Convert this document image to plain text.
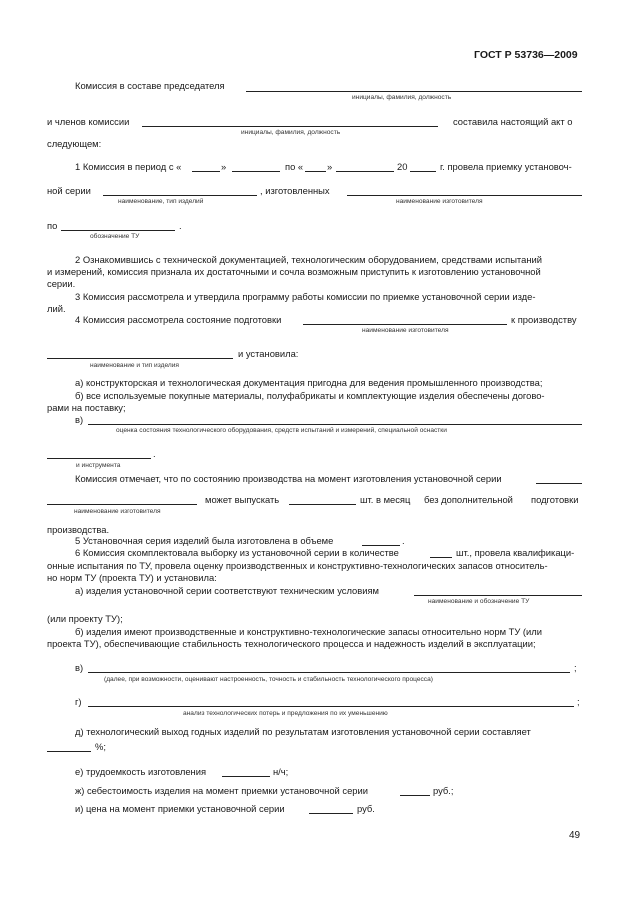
ГОСТ Р 53736—2009
Комиссия в составе председателя
инициалы, фамилия, должность
и членов комиссии	составила настоящий акт о
инициалы, фамилия, должность
следующем:
1 Комиссия в период с «	»	по «	»	20	г. провела приемку установоч-
ной серии	, изготовленных
наименование, тип изделий	наименование изготовителя
по	.
обозначение ТУ
2 Ознакомившись с технической документацией, технологическим оборудованием, средствами испытаний
и измерений, комиссия признала их достаточными и сочла возможным приступить к изготовлению установочной
серии.
3 Комиссия рассмотрела и утвердила программу работы комиссии по приемке установочной серии изде-
лий.
4 Комиссия рассмотрела состояние подготовки	к производству
наименование изготовителя
и установила:
наименование и тип изделия
а) конструкторская и технологическая документация пригодна для ведения промышленного производства;
б) все используемые покупные материалы, полуфабрикаты и комплектующие изделия обеспечены догово-
рами на поставку;
в)
оценка состояния технологического оборудования, средств испытаний и измерений, специальной оснастки
.
и инструмента
Комиссия отмечает, что по состоянию производства на момент изготовления установочной серии
может выпускать	шт. в месяц без дополнительной подготовки
наименование изготовителя
производства.
5 Установочная серия изделий была изготовлена в объеме	.
6 Комиссия скомплектовала выборку из установочной серии в количестве	шт., провела квалификаци-
онные испытания по ТУ, провела оценку производственных и конструктивно-технологических запасов относитель-
но норм ТУ (проекта ТУ) и установила:
а) изделия установочной серии соответствуют техническим условиям
наименование и обозначение ТУ
(или проекту ТУ);
б) изделия имеют производственные и конструктивно-технологические запасы относительно норм ТУ (или
проекта ТУ), обеспечивающие стабильность технологического процесса и надежность изделий в эксплуатации;
в)	;
(далее, при возможности, оценивают настроенность, точность и стабильность технологического процесса)
г)	;
анализ технологических потерь и предложения по их уменьшению
д) технологический выход годных изделий по результатам изготовления установочной серии составляет
%;
е) трудоемкость изготовления	н/ч;
ж) себестоимость изделия на момент приемки установочной серии	руб.;
и) цена на момент приемки установочной серии	руб.
49
